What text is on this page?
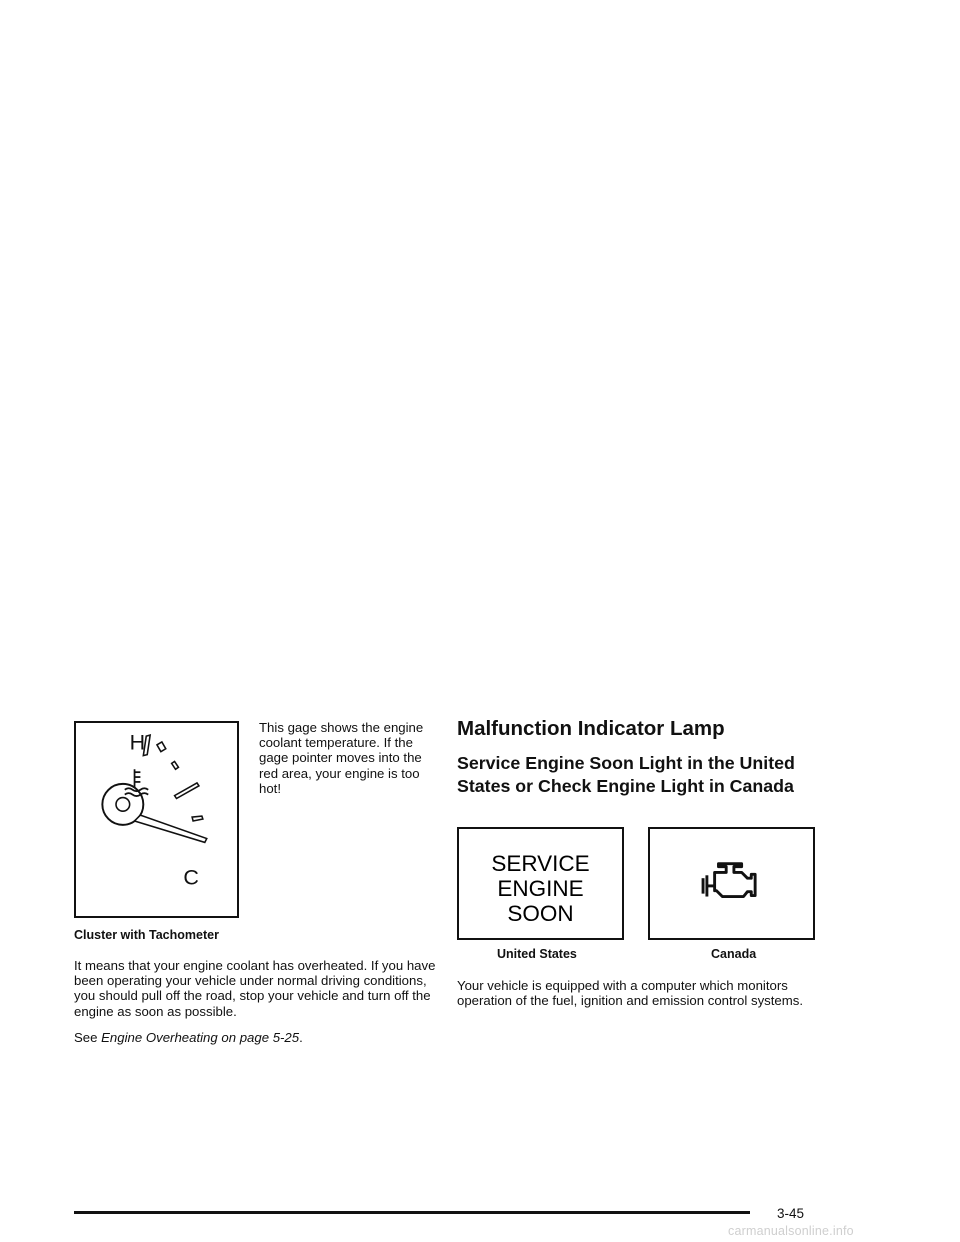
H
C

This gage shows the engine coolant temperature. If the gage pointer moves into the red area, your engine is too hot!

Cluster with Tachometer

It means that your engine coolant has overheated. If you have been operating your vehicle under normal driving conditions, you should pull off the road, stop your vehicle and turn off the engine as soon as possible.

See Engine Overheating on page 5-25.

Malfunction Indicator Lamp
Service Engine Soon Light in the United States or Check Engine Light in Canada
SERVICE
ENGINE
SOON

United States	Canada

Your vehicle is equipped with a computer which monitors operation of the fuel, ignition and emission control systems.

3-45

carmanualsonline.info
